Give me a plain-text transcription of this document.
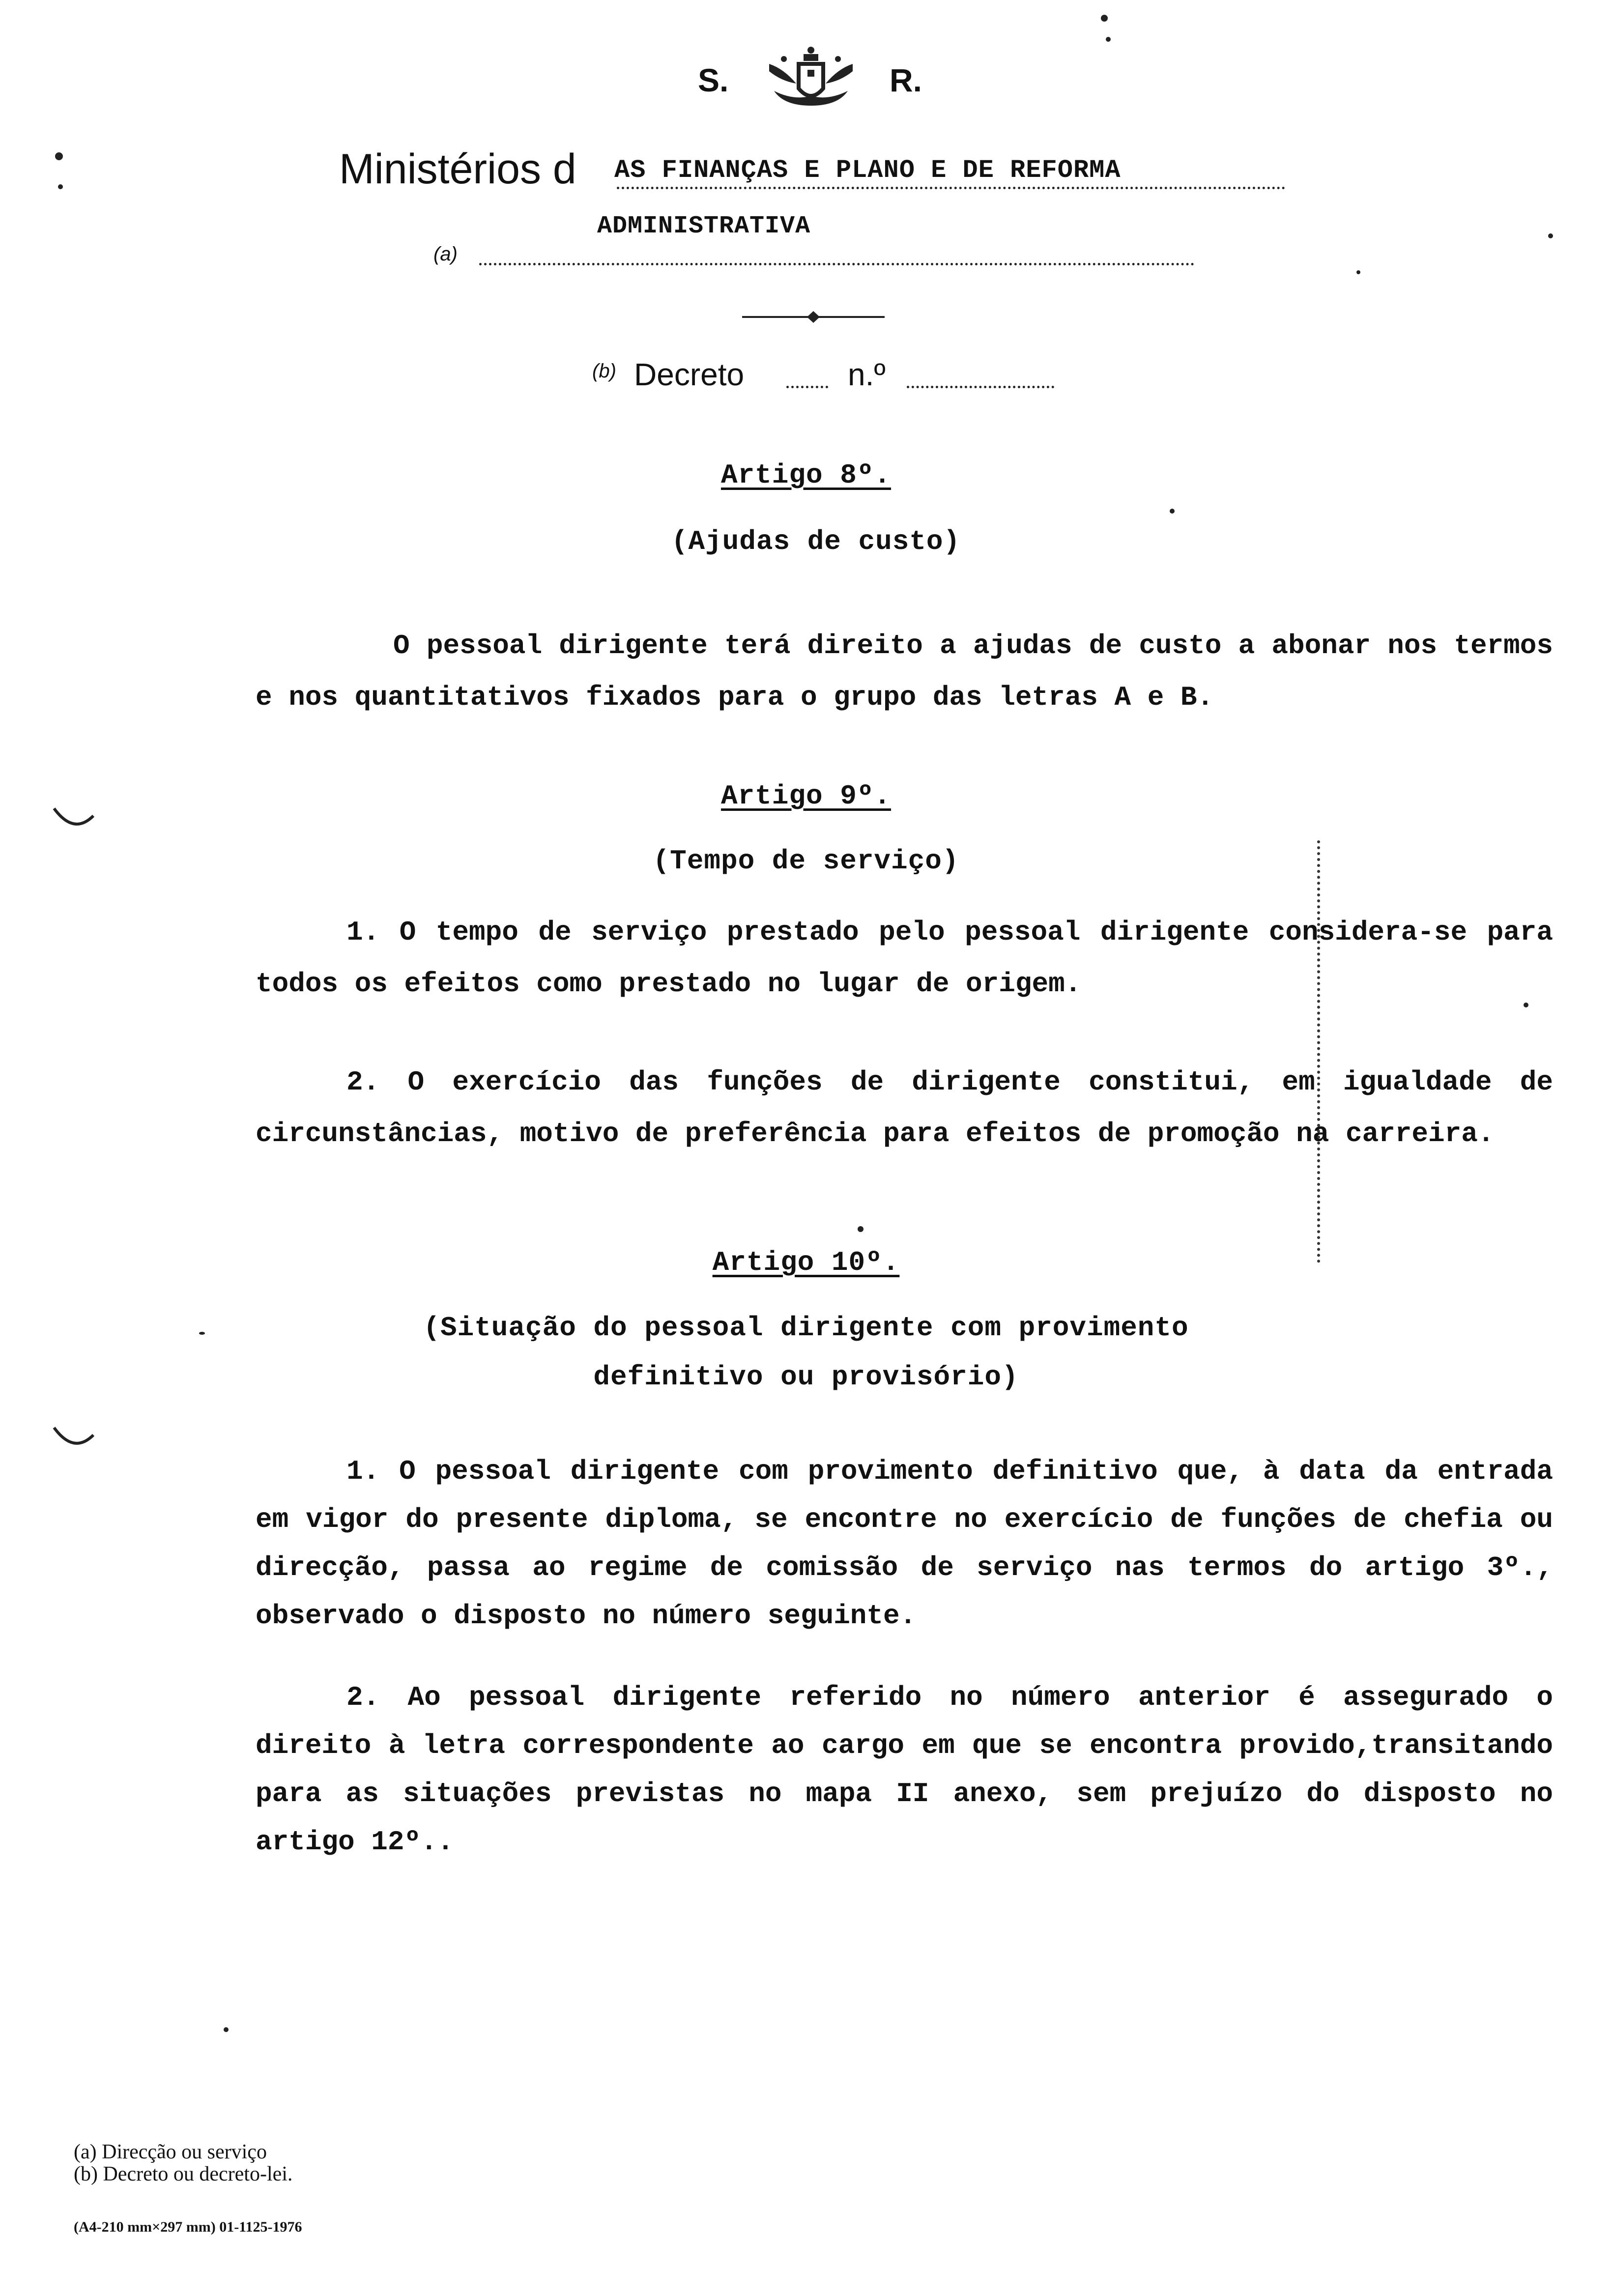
S.	R.
Ministérios d AS FINANÇAS E PLANO E DE REFORMA
ADMINISTRATIVA
(a)
(b) Decreto	n.º
Artigo 8º.
(Ajudas de custo)
O pessoal dirigente terá direito a ajudas de custo a abonar nos termos e nos quantitativos fixados para o grupo das letras A e B.
Artigo 9º.
(Tempo de serviço)
1. O tempo de serviço prestado pelo pessoal dirigente considera-se para todos os efeitos como prestado no lugar de origem.
2. O exercício das funções de dirigente constitui, em igualdade de circunstâncias, motivo de preferência para efeitos de promoção na carreira.
Artigo 10º.
(Situação do pessoal dirigente com provimento
definitivo ou provisório)
1. O pessoal dirigente com provimento definitivo que, à data da entrada em vigor do presente diploma, se encontre no exercício de funções de chefia ou direcção, passa ao regime de comissão de serviço nas termos do artigo 3º., observado o disposto no número seguinte.
2. Ao pessoal dirigente referido no número anterior é assegurado o direito à letra correspondente ao cargo em que se encontra provido,transitando para as situações previstas no mapa II anexo, sem prejuízo do disposto no artigo 12º..
(a) Direcção ou serviço
(b) Decreto ou decreto-lei.
(A4-210 mm×297 mm) 01-1125-1976
